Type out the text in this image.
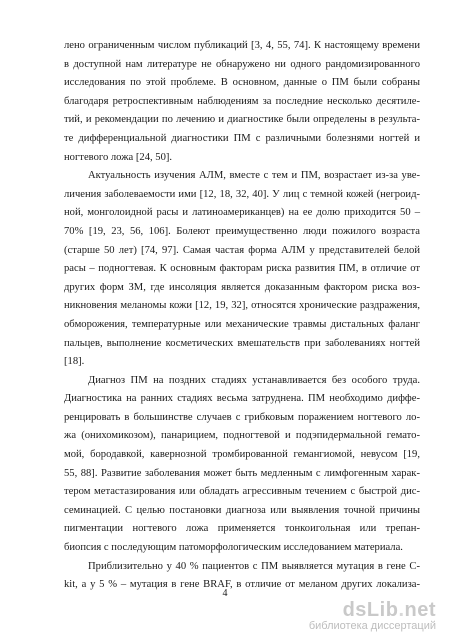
лено ограниченным числом публикаций [3, 4, 55, 74]. К настоящему времени
в доступной нам литературе не обнаружено ни одного рандомизированного
исследования по этой проблеме. В основном, данные о ПМ были собраны
благодаря ретроспективным наблюдениям за последние несколько десятиле-
тий, и рекомендации по лечению и диагностике были определены в результа-
те дифференциальной диагностики ПМ с различными болезнями ногтей и
ногтевого ложа [24, 50].
Актуальность изучения АЛМ, вместе с тем и ПМ, возрастает из-за уве-
личения заболеваемости ими [12, 18, 32, 40]. У лиц с темной кожей (негроид-
ной, монголоидной расы и латиноамериканцев) на ее долю приходится 50 –
70% [19, 23, 56, 106]. Болеют преимущественно люди пожилого возраста
(старше 50 лет) [74, 97]. Самая частая форма АЛМ у представителей белой
расы – подногтевая. К основным факторам риска развития ПМ, в отличие от
других форм ЗМ, где инсоляция является доказанным фактором риска воз-
никновения меланомы кожи [12, 19, 32], относятся хронические раздражения,
обморожения, температурные или механические травмы дистальных фаланг
пальцев, выполнение косметических вмешательств при заболеваниях ногтей
[18].
Диагноз ПМ на поздних стадиях устанавливается без особого труда.
Диагностика на ранних стадиях весьма затруднена. ПМ необходимо диффе-
ренцировать в большинстве случаев с грибковым поражением ногтевого ло-
жа (онихомикозом), панарицием, подногтевой и подэпидермальной гемато-
мой, бородавкой, кавернозной тромбированной гемангиомой, невусом [19,
55, 88]. Развитие заболевания может быть медленным с лимфогенным харак-
тером метастазирования или обладать агрессивным течением с быстрой дис-
семинацией. С целью постановки диагноза или выявления точной причины
пигментации ногтевого ложа применяется тонкоигольная или трепан-
биопсия с последующим патоморфологическим исследованием материала.
Приблизительно у 40 % пациентов с ПМ выявляется мутация в гене C-
kit, а у 5 % – мутация в гене BRAF, в отличие от меланом других локализа-
4
dsLib.net
библиотека диссертаций
